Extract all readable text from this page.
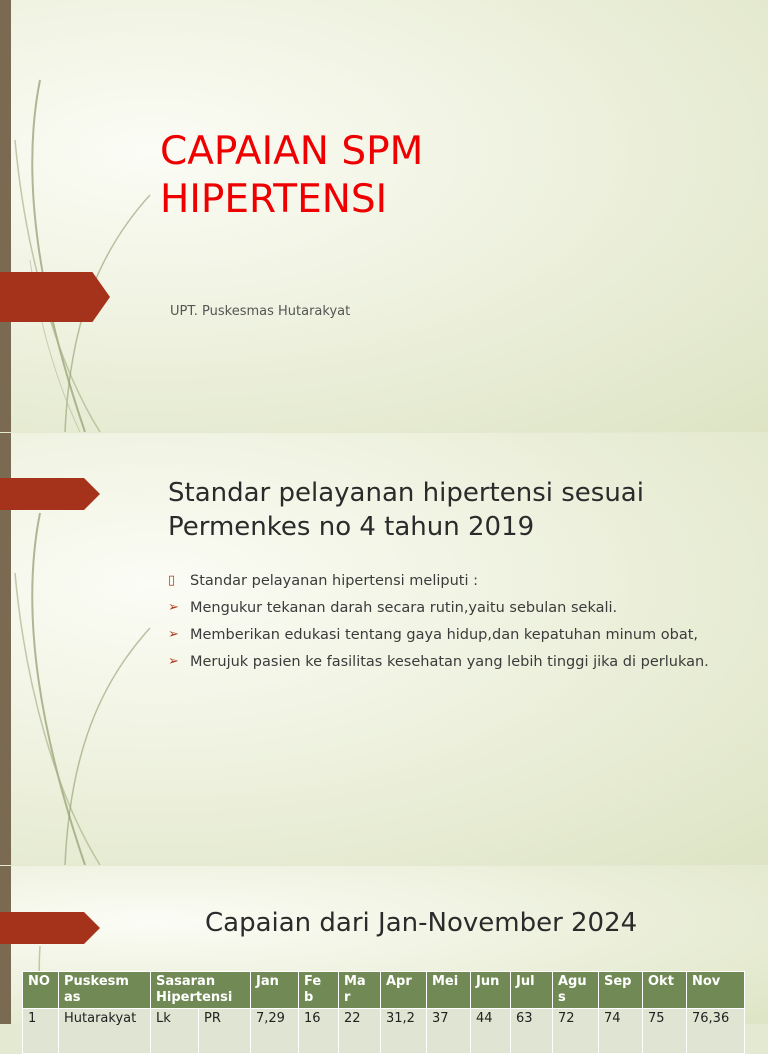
CAPAIAN SPM
HIPERTENSI
UPT. Puskesmas Hutarakyat
Standar pelayanan hipertensi sesuai
Permenkes no 4 tahun 2019
▯ Standar pelayanan hipertensi meliputi :
➢ Mengukur tekanan darah secara rutin,yaitu sebulan sekali.
➢ Memberikan edukasi tentang gaya hidup,dan kepatuhan minum obat,
➢ Merujuk pasien ke fasilitas kesehatan yang lebih tinggi jika di perlukan.
Capaian dari Jan-November 2024
NO	Puskesm as	Sasaran Hipertensi		Jan	Fe b	Ma r	Apr	Mei	Jun	Jul	Agu s	Sep	Okt	Nov
1	Hutarakyat	Lk	PR	7,29	16	22	31,2	37	44	63	72	74	75	76,36
